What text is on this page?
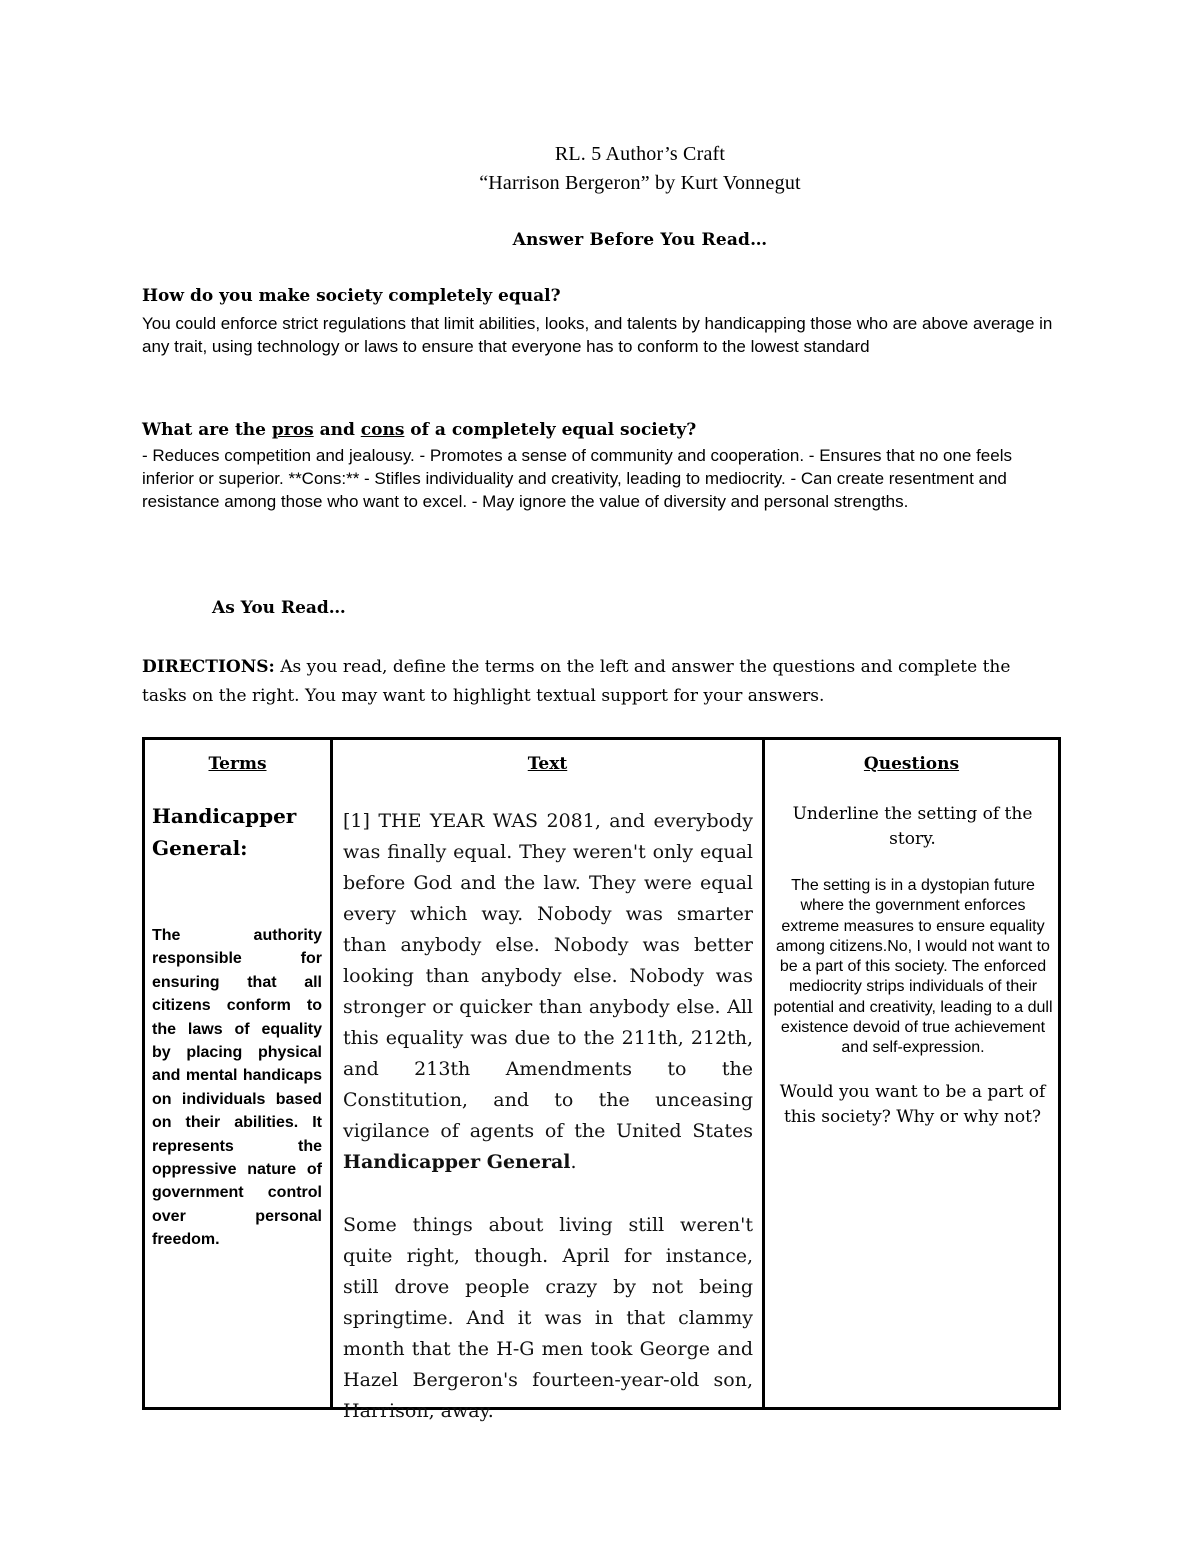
RL. 5 Author’s Craft
“Harrison Bergeron” by Kurt Vonnegut
Answer Before You Read…
How do you make society completely equal?
You could enforce strict regulations that limit abilities, looks, and talents by handicapping those who are above average in any trait, using technology or laws to ensure that everyone has to conform to the lowest standard
What are the pros and cons of a completely equal society?
- Reduces competition and jealousy. - Promotes a sense of community and cooperation. - Ensures that no one feels inferior or superior. **Cons:** - Stifles individuality and creativity, leading to mediocrity. - Can create resentment and resistance among those who want to excel. - May ignore the value of diversity and personal strengths.
As You Read…
DIRECTIONS: As you read, define the terms on the left and answer the questions and complete the tasks on the right. You may want to highlight textual support for your answers.
Terms
Handicapper General:
The authority responsible for ensuring that all citizens conform to the laws of equality by placing physical and mental handicaps on individuals based on their abilities. It represents the oppressive nature of government control over personal freedom.
Text
[1] THE YEAR WAS 2081, and everybody was finally equal. They weren't only equal before God and the law. They were equal every which way. Nobody was smarter than anybody else. Nobody was better looking than anybody else. Nobody was stronger or quicker than anybody else. All this equality was due to the 211th, 212th, and 213th Amendments to the Constitution, and to the unceasing vigilance of agents of the United States Handicapper General.
Some things about living still weren't quite right, though. April for instance, still drove people crazy by not being springtime. And it was in that clammy month that the H-G men took George and Hazel Bergeron's fourteen-year-old son, Harrison, away.
Questions
Underline the setting of the story.
The setting is in a dystopian future where the government enforces extreme measures to ensure equality among citizens.No, I would not want to be a part of this society. The enforced mediocrity strips individuals of their potential and creativity, leading to a dull existence devoid of true achievement and self-expression.
Would you want to be a part of this society? Why or why not?
